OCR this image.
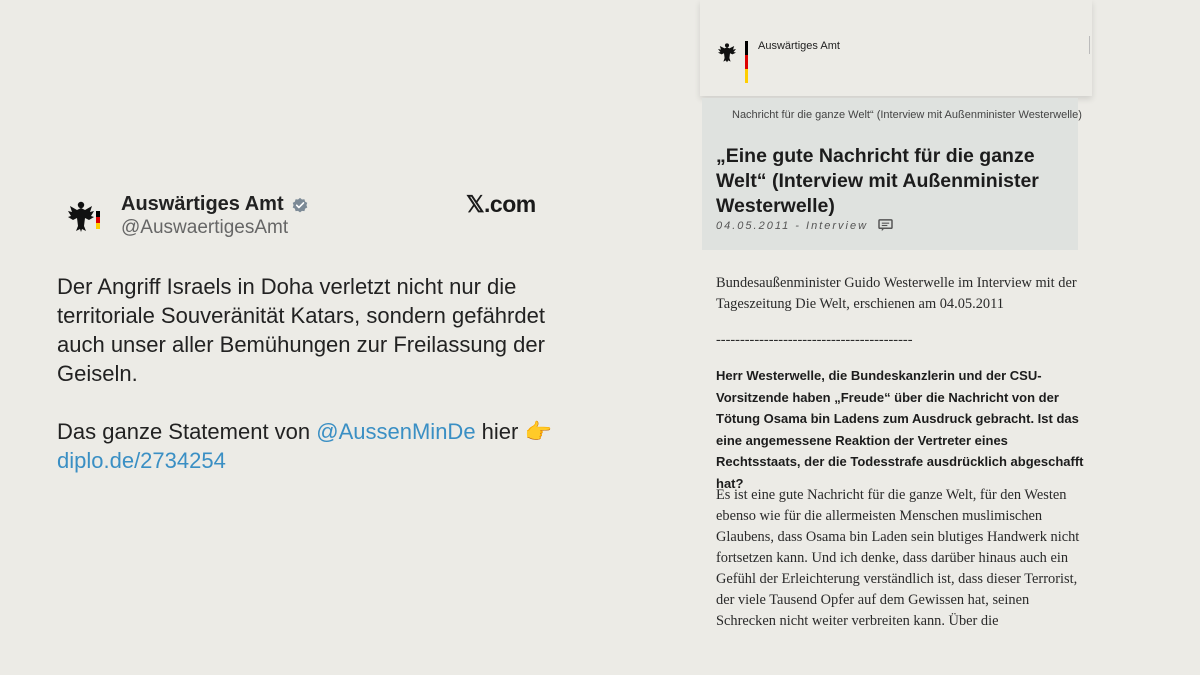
Auswärtiges Amt
@AuswaertigesAmt
𝕏.com

Der Angriff Israels in Doha verletzt nicht nur die territoriale Souveränität Katars, sondern gefährdet auch unser aller Bemühungen zur Freilassung der Geiseln.

Das ganze Statement von @AussenMinDe hier 👉
diplo.de/2734254

Auswärtiges Amt
Nachricht für die ganze Welt“ (Interview mit Außenminister Westerwelle)
„Eine gute Nachricht für die ganze Welt“ (Interview mit Außenminister Westerwelle)
04.05.2011 - Interview
Bundesaußenminister Guido Westerwelle im Interview mit der Tageszeitung Die Welt, erschienen am 04.05.2011
-----------------------------------------
Herr Westerwelle, die Bundeskanzlerin und der CSU-Vorsitzende haben „Freude“ über die Nachricht von der Tötung Osama bin Ladens zum Ausdruck gebracht. Ist das eine angemessene Reaktion der Vertreter eines Rechtsstaats, der die Todesstrafe ausdrücklich abgeschafft hat?
Es ist eine gute Nachricht für die ganze Welt, für den Westen ebenso wie für die allermeisten Menschen muslimischen Glaubens, dass Osama bin Laden sein blutiges Handwerk nicht fortsetzen kann. Und ich denke, dass darüber hinaus auch ein Gefühl der Erleichterung verständlich ist, dass dieser Terrorist, der viele Tausend Opfer auf dem Gewissen hat, seinen Schrecken nicht weiter verbreiten kann. Über die
